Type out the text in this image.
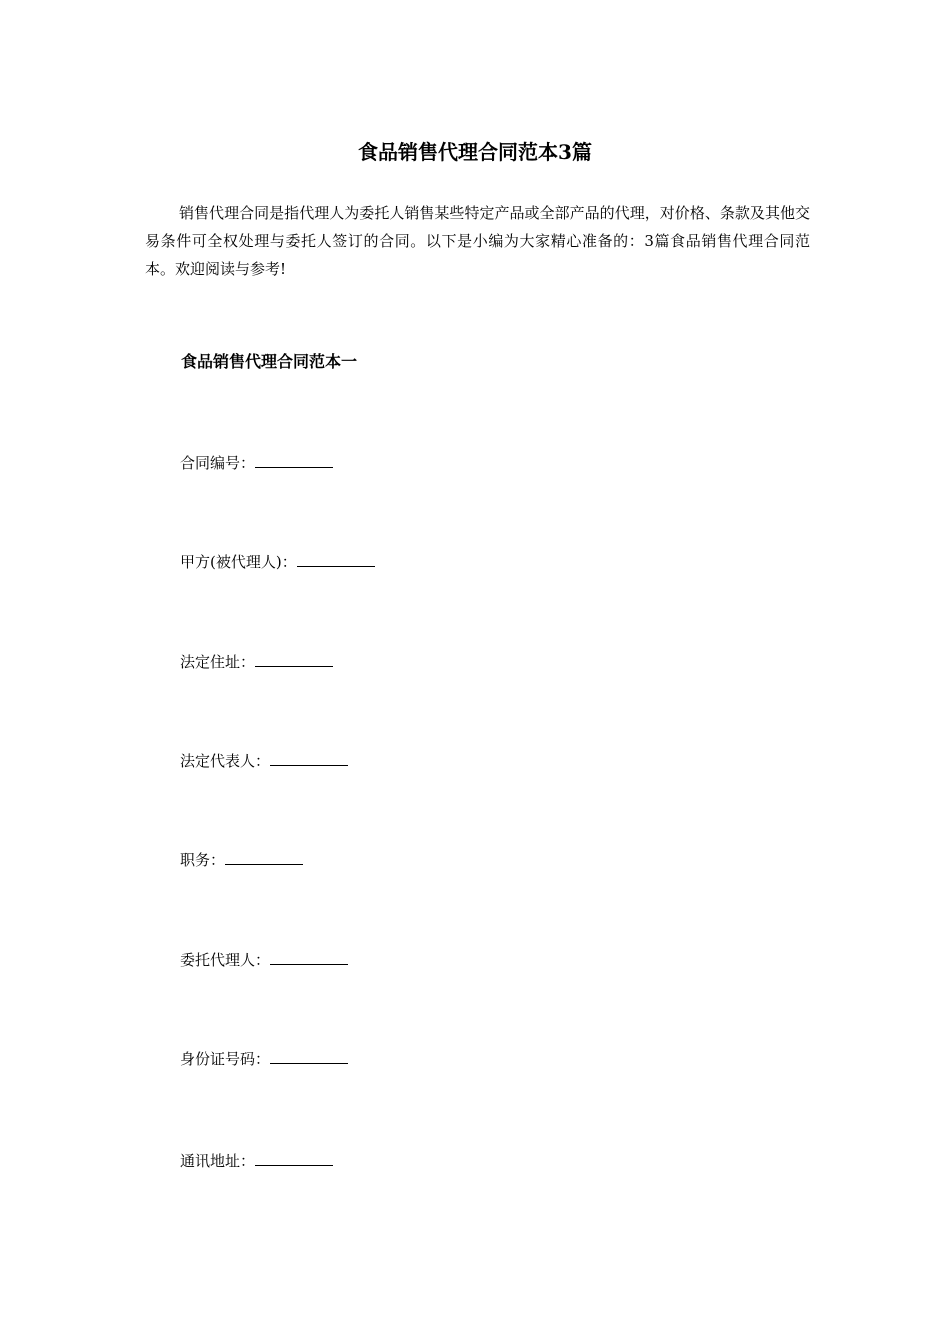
食品销售代理合同范本3篇

销售代理合同是指代理人为委托人销售某些特定产品或全部产品的代理，对价格、条款及其他交易条件可全权处理与委托人签订的合同。以下是小编为大家精心准备的：3篇食品销售代理合同范本。欢迎阅读与参考!

食品销售代理合同范本一

合同编号：

甲方(被代理人)：

法定住址：

法定代表人：

职务：

委托代理人：

身份证号码：

通讯地址：
